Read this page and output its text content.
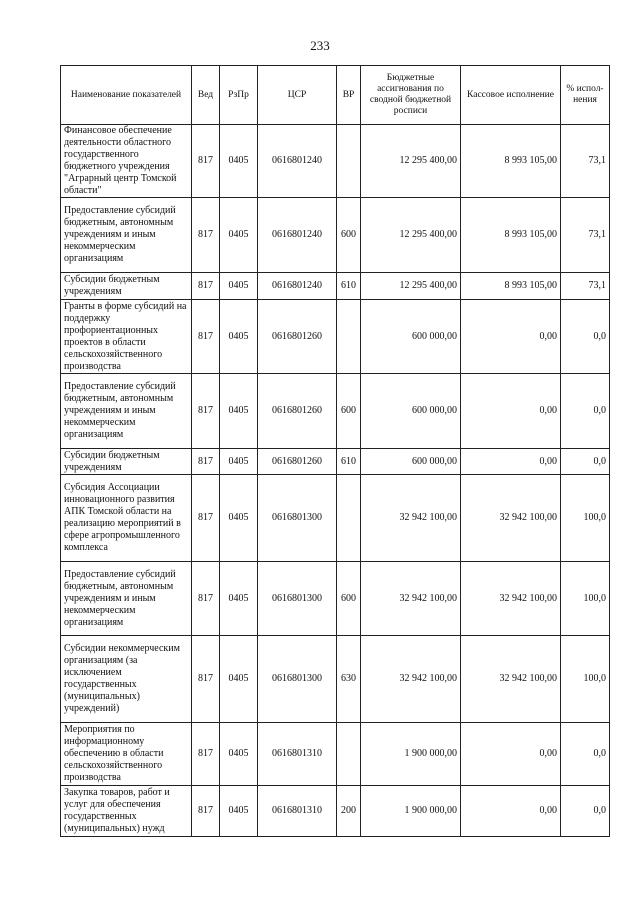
233
Наименование показателей	Вед	РзПр	ЦСР	ВР	Бюджетные ассигнования по сводной бюджетной росписи	Кассовое исполнение	% испол-нения
Финансовое обеспечение деятельности областного государственного бюджетного учреждения "Аграрный центр Томской области"	817	0405	0616801240		12 295 400,00	8 993 105,00	73,1
Предоставление субсидий бюджетным, автономным учреждениям и иным некоммерческим организациям	817	0405	0616801240	600	12 295 400,00	8 993 105,00	73,1
Субсидии бюджетным учреждениям	817	0405	0616801240	610	12 295 400,00	8 993 105,00	73,1
Гранты в форме субсидий на поддержку профориентационных проектов в области сельскохозяйственного производства	817	0405	0616801260		600 000,00	0,00	0,0
Предоставление субсидий бюджетным, автономным учреждениям и иным некоммерческим организациям	817	0405	0616801260	600	600 000,00	0,00	0,0
Субсидии бюджетным учреждениям	817	0405	0616801260	610	600 000,00	0,00	0,0
Субсидия Ассоциации инновационного развития АПК Томской области на реализацию мероприятий в сфере агропромышленного комплекса	817	0405	0616801300		32 942 100,00	32 942 100,00	100,0
Предоставление субсидий бюджетным, автономным учреждениям и иным некоммерческим организациям	817	0405	0616801300	600	32 942 100,00	32 942 100,00	100,0
Субсидии некоммерческим организациям (за исключением государственных (муниципальных) учреждений)	817	0405	0616801300	630	32 942 100,00	32 942 100,00	100,0
Мероприятия по информационному обеспечению в области сельскохозяйственного производства	817	0405	0616801310		1 900 000,00	0,00	0,0
Закупка товаров, работ и услуг для обеспечения государственных (муниципальных) нужд	817	0405	0616801310	200	1 900 000,00	0,00	0,0
